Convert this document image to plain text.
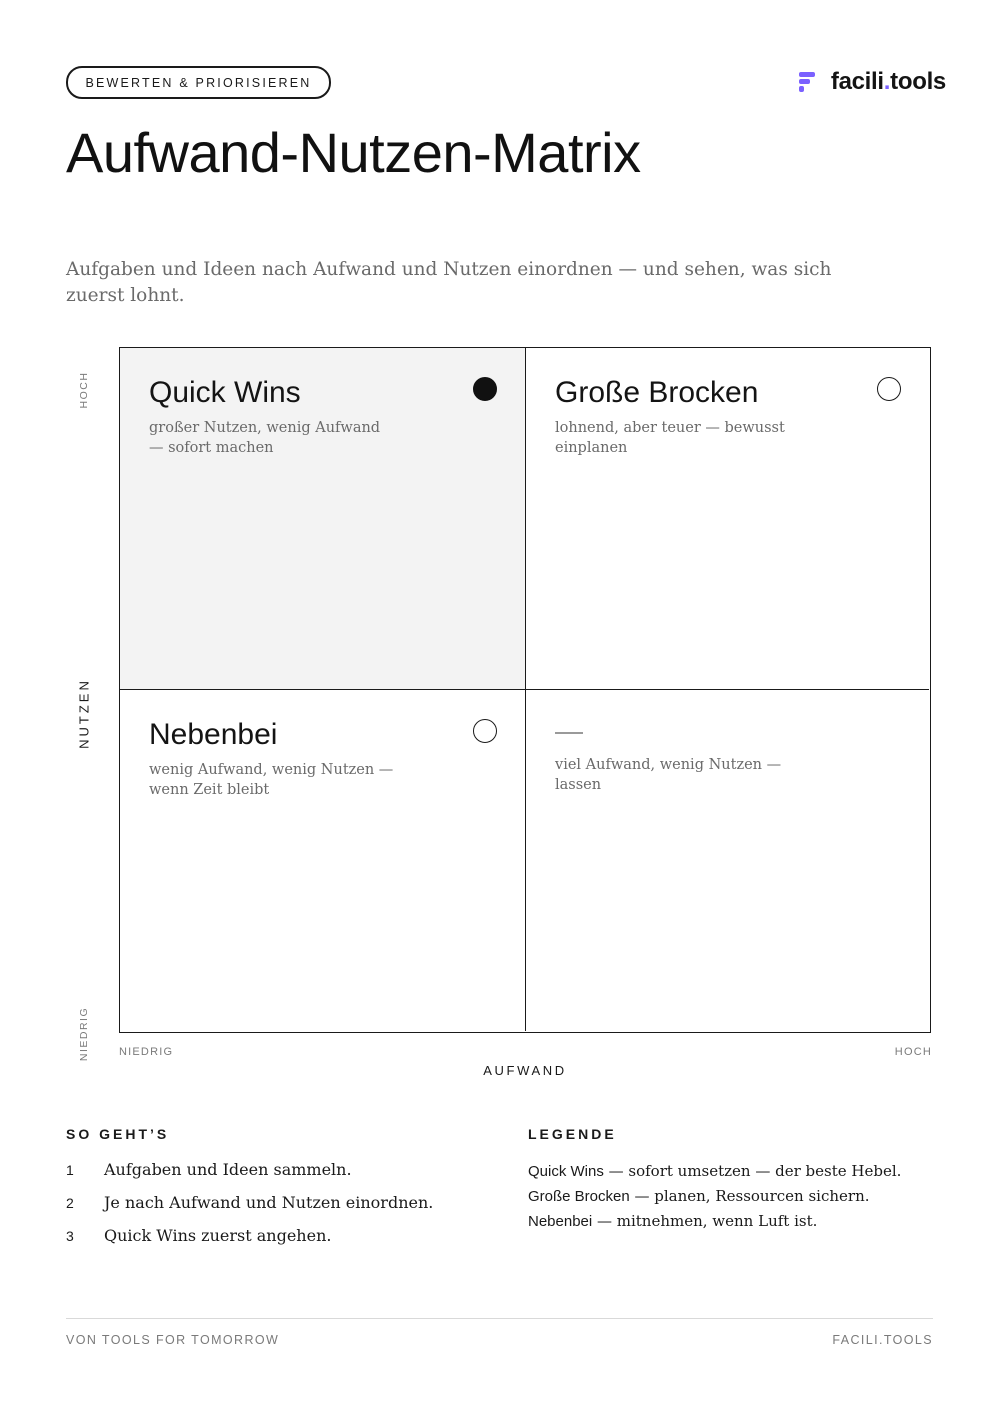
BEWERTEN & PRIORISIEREN	facili.tools
Aufwand-Nutzen-Matrix

Aufgaben und Ideen nach Aufwand und Nutzen einordnen — und sehen, was sich zuerst lohnt.

HOCH
NUTZEN
NIEDRIG
Quick Wins

großer Nutzen, wenig Aufwand — sofort machen

Große Brocken

lohnend, aber teuer — bewusst einplanen

Nebenbei

wenig Aufwand, wenig Nutzen — wenn Zeit bleibt

viel Aufwand, wenig Nutzen — lassen

NIEDRIG	HOCH
AUFWAND
SO GEHT’S
1 Aufgaben und Ideen sammeln.
2 Je nach Aufwand und Nutzen einordnen.
3 Quick Wins zuerst angehen.
LEGENDE
Quick Wins — sofort umsetzen — der beste Hebel.
Große Brocken — planen, Ressourcen sichern.
Nebenbei — mitnehmen, wenn Luft ist.
VON TOOLS FOR TOMORROW	FACILI.TOOLS
